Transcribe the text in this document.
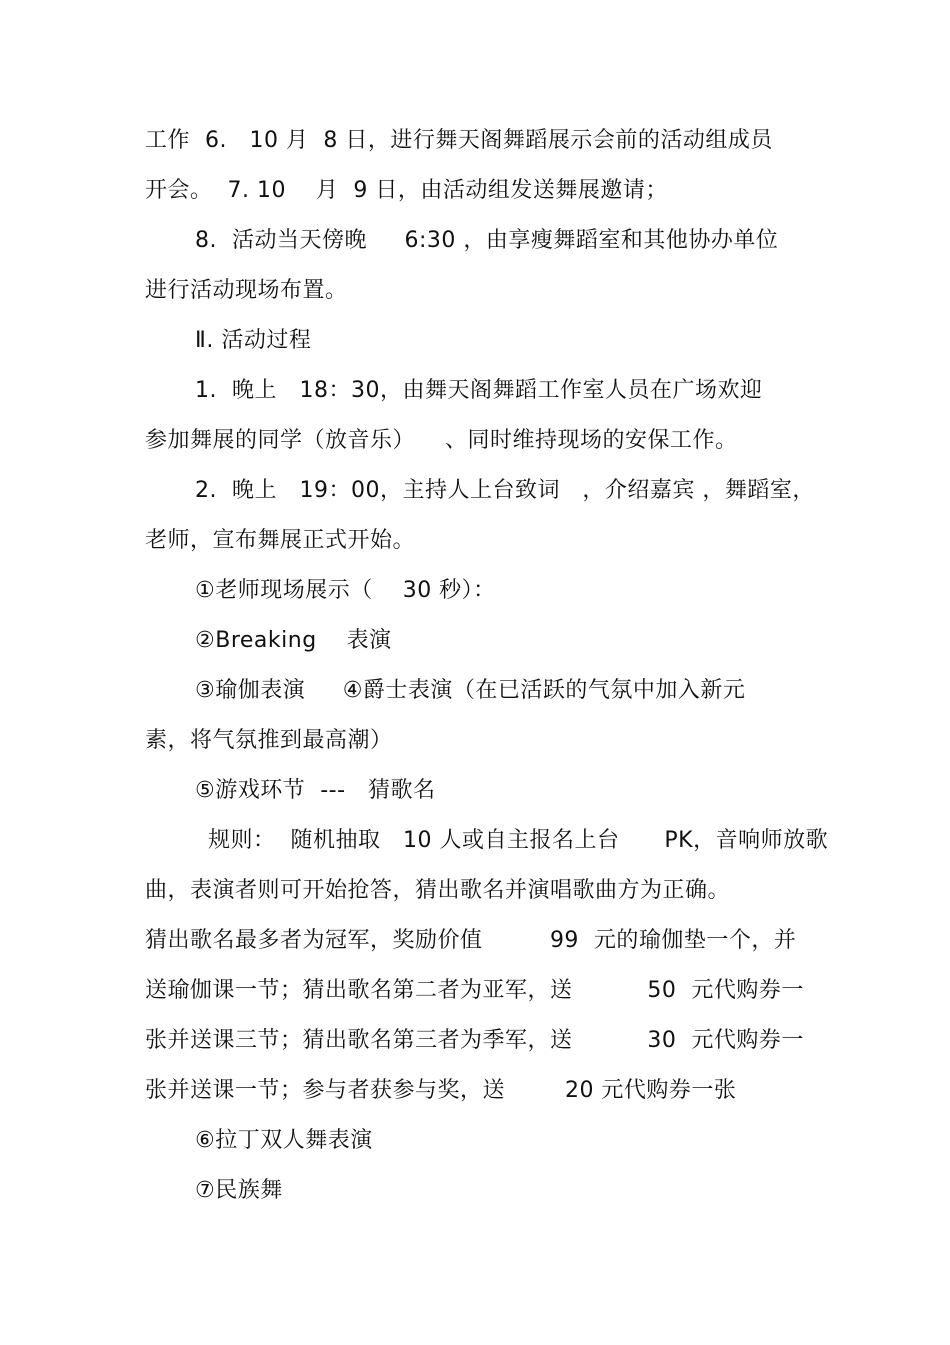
工作  6.   10 月  8 日，进行舞天阁舞蹈展示会前的活动组成员
开会。  7. 10    月  9 日，由活动组发送舞展邀请；
8.  活动当天傍晚     6:30 ，由享瘦舞蹈室和其他协办单位
进行活动现场布置。
Ⅱ. 活动过程
1.  晚上   18：30，由舞天阁舞蹈工作室人员在广场欢迎
参加舞展的同学（放音乐）    、同时维持现场的安保工作。
2.  晚上   19：00，主持人上台致词   ，介绍嘉宾 ，舞蹈室，
老师，宣布舞展正式开始。
①老师现场展示（    30 秒）：
②Breaking    表演
③瑜伽表演     ④爵士表演（在已活跃的气氛中加入新元
素，将气氛推到最高潮）
⑤游戏环节  ---   猜歌名
规则：  随机抽取   10 人或自主报名上台      PK，音响师放歌
曲，表演者则可开始抢答，猜出歌名并演唱歌曲方为正确。
猜出歌名最多者为冠军，奖励价值         99  元的瑜伽垫一个，并
送瑜伽课一节；猜出歌名第二者为亚军，送          50  元代购券一
张并送课三节；猜出歌名第三者为季军，送          30  元代购券一
张并送课一节；参与者获参与奖，送        20 元代购券一张
⑥拉丁双人舞表演
⑦民族舞
